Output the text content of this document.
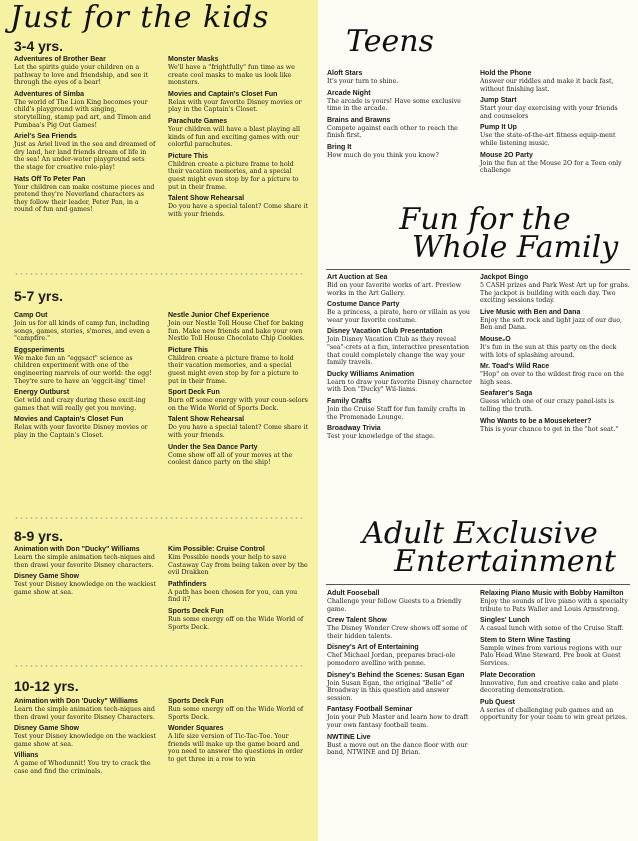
Just for the kids
3-4 yrs.
Adventures of Brother Bear
Let the spirits guide your children on a pathway to love and friendship, and see it through the eyes of a bear!
Adventures of Simba
The world of The Lion King becomes your child's playground with singing, storytelling, stamp pad art, and Timon and Pumbaa's Pig Out Games!
Ariel's Sea Friends
Just as Ariel lived in the sea and dreamed of dry land, her land friends dream of life in the sea! An under-water playground sets the stage for creative role-play!
Hats Off To Peter Pan
Your children can make costume pieces and pretend they're Neverland characters as they follow their leader, Peter Pan, in a round of fun and games!
Monster Masks
We'll have a "frightfully" fun time as we create cool masks to make us look like monsters.
Movies and Captain's Closet Fun
Relax with your favorite Disney movies or play in the Captain's Closet.
Parachute Games
Your children will have a blast playing all kinds of fun and exciting games with our colorful parachutes.
Picture This
Children create a picture frame to hold their vacation memories, and a special guest might even stop by for a picture to put in their frame.
Talent Show Rehearsal
Do you have a special talent? Come share it with your friends.
5-7 yrs.
Camp Out
Join us for all kinds of camp fun, including songs, games, stories, s'mores, and even a "campfire."
Eggsperiments
We make fun an "eggsact" science as children experiment with one of the engineering marvels of our world: the egg! They're sure to have an 'eggcit-ing' time!
Energy Outburst
Get wild and crazy during these excit-ing games that will really get you moving.
Movies and Captain's Closet Fun
Relax with your favorite Disney movies or play in the Captain's Closet.
Nestle Junior Chef Experience
Join our Nestle Toll House Chef for baking fun. Make new friends and bake your own Nestle Toll House Chocolate Chip Cookies.
Picture This
Children create a picture frame to hold their vacation memories, and a special guest might even stop by for a picture to put in their frame.
Sport Deck Fun
Burn off some energy with your coun-selors on the Wide World of Sports Deck.
Talent Show Rehearsal
Do you have a special talent? Come share it with your friends.
Under the Sea Dance Party
Come show off all of your moves at the coolest dance party on the ship!
8-9 yrs.
Animation with Don "Ducky" Williams
Learn the simple animation tech-niques and then drawi your favorite Disney characters.
Disney Game Show
Test your Disney knowledge on the wackiest game show at sea.
Kim Possible: Cruise Control
Kim Possible needs your help to save Castaway Cay from being taken over by the evil Drakken
Pathfinders
A path has been chosen for you, can you find it?
Sports Deck Fun
Run some energy off on the Wide World of Sports Deck.
10-12 yrs.
Animation with Don 'Ducky" Williams
Learn the simple animation tech-niques and then drawi your favorite Disney Characters.
Disney Game Show
Test your Disney knowledge on the wackiest game show at sea.
Villians
A game of Whodunnit! You try to crack the case and find the criminals.
Sports Deck Fun
Run some energy off on the Wide World of Sports Deck.
Wonder Squares
A life size version of Tic-Tac-Toe. Your friends will make up the game board and you need to answer the questions in order to get three in a row to win
Teens
Aloft Stars
It's your turn to shine.
Arcade Night
The arcade is yours! Have some exclusive time in the arcade.
Brains and Brawns
Compete against each other to reach the finish first.
Bring It
How much do you think you know?
Hold the Phone
Answer our riddles and make it back fast, without finishing last.
Jump Start
Start your day exercising with your friends and counselors
Pump It Up
Use the state-of-the-art fitness equip-ment while listening music.
Mouse 2O Party
Join the fun at the Mouse 2O for a Teen only challenge
Fun for the
Whole Family
Art Auction at Sea
Bid on your favorite works of art. Preview works in the Art Gallery.
Costume Dance Party
Be a princess, a pirate, hero or villain as you wear your favorite costume.
Disney Vacation Club Presentation
Join Disney Vacation Club as they reveal "sea"-crets at a fun, interactive presentation that could completely change the way your family travels.
Ducky Williams Animation
Learn to draw your favorite Disney character with Don "Ducky" Wil-liams.
Family Crafts
Join the Cruise Staff for fun family crafts in the Promenade Lounge.
Broadway Trivia
Test your knowledge of the stage.
Jackpot Bingo
5 CASH prizes and Park West Art up for grabs. The jackpot is building with each day. Two exciting sessions today.
Live Music with Ben and Dana
Enjoy the soft rock and light jazz of our duo, Ben and Dana.
Mouse₂O
It's fun in the sun at this party on the deck with lots of splashing around.
Mr. Toad's Wild Race
"Hop" on over to the wildest frog race on the high seas.
Seafarer's Saga
Guess which one of our crazy panel-ists is telling the truth.
Who Wants to be a Mouseketeer?
This is your chance to get in the "hot seat."
Adult Exclusive
Entertainment
Adult Fooseball
Challenge your fellow Guests to a friendly game.
Crew Talent Show
The Disney Wonder Crew shows off some of their hidden talents.
Disney's Art of Entertaining
Chef Michael Jordan, prepares braci-ole pomodoro avellino with penne.
Disney's Behind the Scenes: Susan Egan
Join Susan Egan, the original "Belle" of Broadway in this question and answer session.
Fantasy Football Seminar
Join your Pub Master and learn how to draft your own fantasy football team.
NWTINE Live
Bust a move out on the dance floor with our band, NTWINE and DJ Brian.
Relaxing Piano Music with Bobby Hamilton
Enjoy the sounds of live piano with a specialty tribute to Pats Waller and Louis Armstrong.
Singles' Lunch
A casual lunch with some of the Cruise Staff.
Stem to Stern Wine Tasting
Sample wines from various regions with our Palo Head Wine Steward. Pre book at Guest Services.
Plate Decoration
Innovative, fun and creative cake and plate decorating demonstration.
Pub Quest
A series of challenging pub games and an opportunity for your team to win great prizes.
